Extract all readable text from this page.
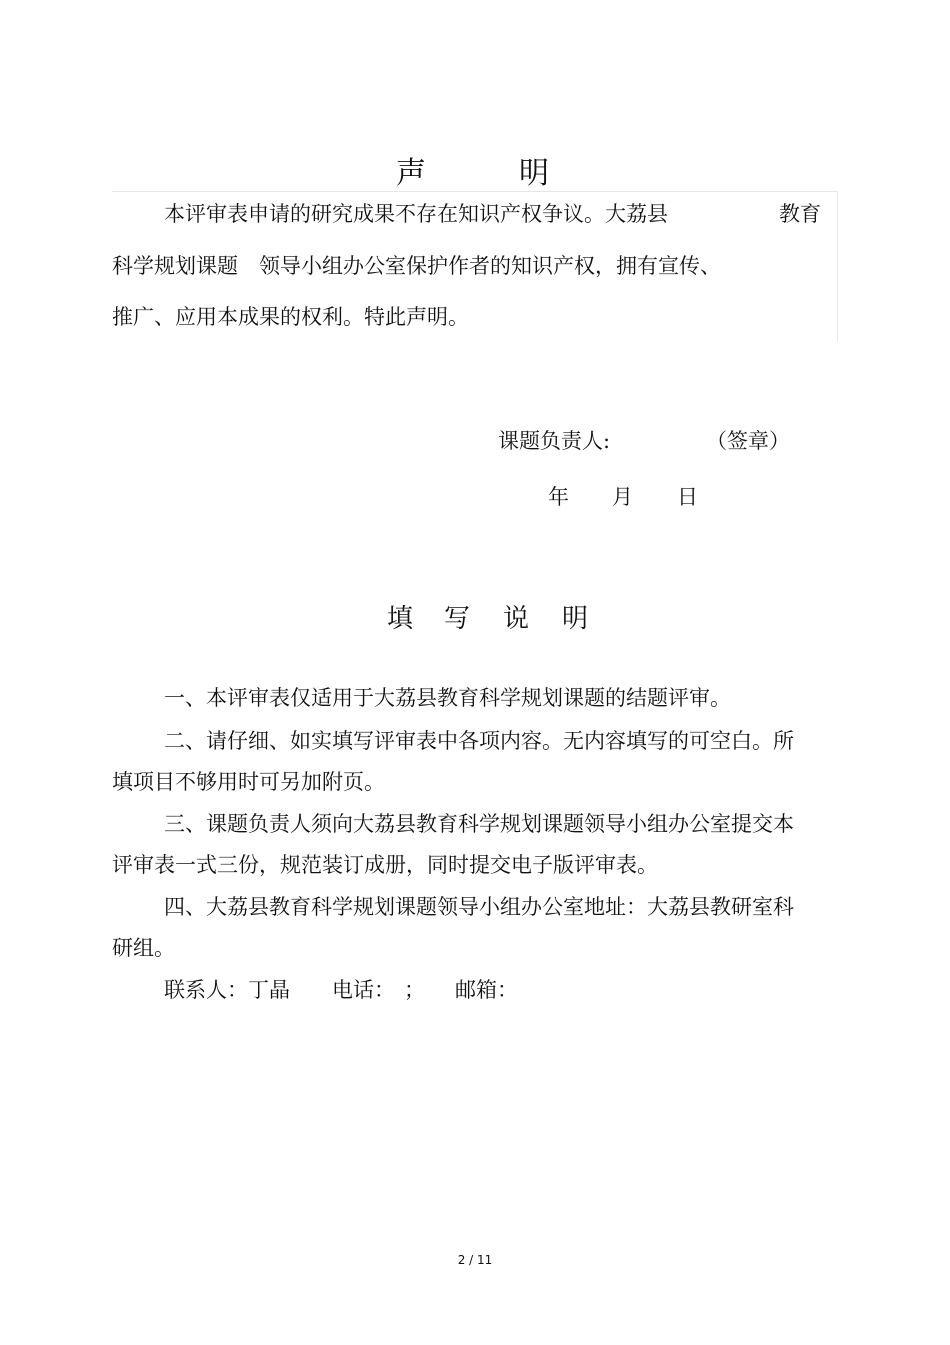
声	明
本评审表申请的研究成果不存在知识产权争议。大荔县	教育
科学规划课题　领导小组办公室保护作者的知识产权，拥有宣传、
推广、应用本成果的权利。特此声明。
课题负责人:	（签章）
年 月 日
填 写 说 明
一、本评审表仅适用于大荔县教育科学规划课题的结题评审。
二、请仔细、如实填写评审表中各项内容。无内容填写的可空白。所
填项目不够用时可另加附页。
三、课题负责人须向大荔县教育科学规划课题领导小组办公室提交本
评审表一式三份，规范装订成册，同时提交电子版评审表。
四、大荔县教育科学规划课题领导小组办公室地址：大荔县教研室科
研组。
联系人：丁晶 电话： ； 邮箱：
2 / 11
